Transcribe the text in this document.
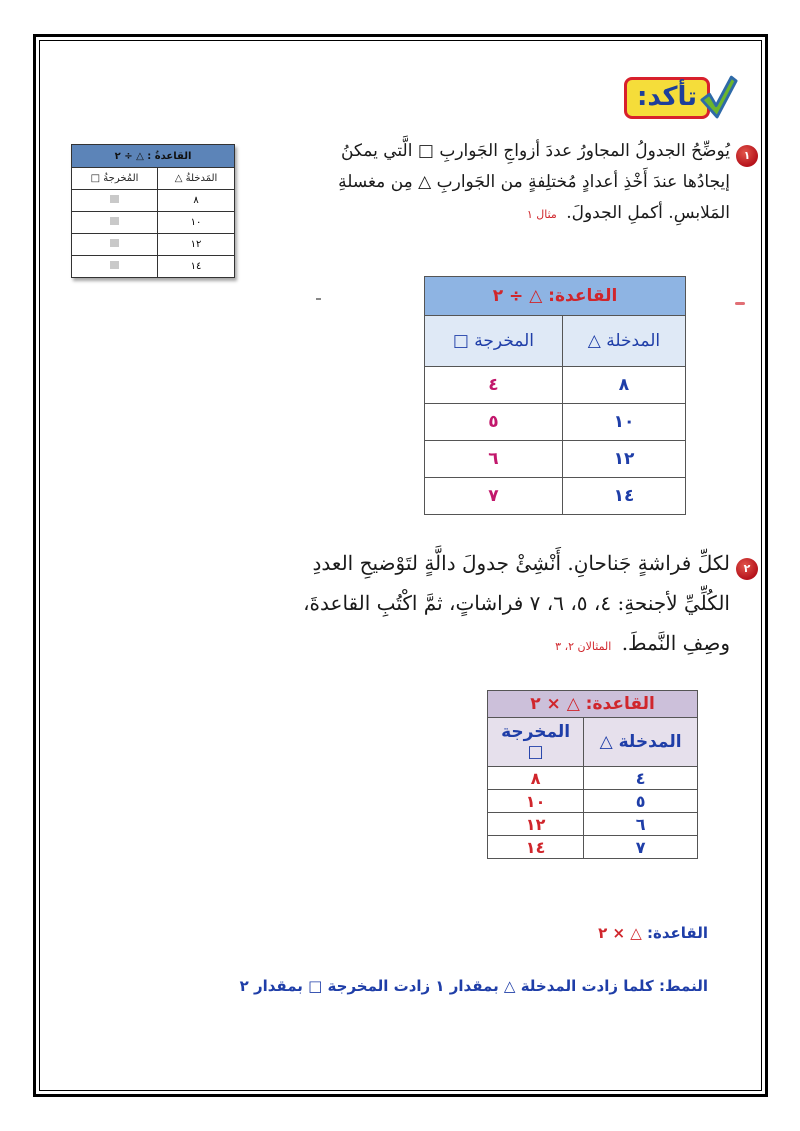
تأكد:
١
يُوضِّحُ الجدولُ المجاورُ عددَ أزواجِ الجَواربِ □ الَّتي يمكنُ إيجادُها عندَ أَخْذِ أعدادٍ مُختلِفةٍ من الجَواربِ △ مِن مغسلةِ المَلابسِ. أكملِ الجدولَ. مثال ١
القاعدةُ : △ ÷ ٢	
المَدخلةُ △	المُخرجةُ □
٨	
١٠	
١٢	
١٤	
القاعدة: △ ÷ ٢	
المدخلة △	المخرجة □
٨	٤
١٠	٥
١٢	٦
١٤	٧
٢
لكلِّ فراشةٍ جَناحانِ. أَنْشِئْ جدولَ دالَّةٍ لتَوْضيحِ العددِ الكُلِّيِّ لأجنحةِ: ٤، ٥، ٦، ٧ فراشاتٍ، ثمَّ اكْتُبِ القاعدةَ، وصِفِ النَّمطَ. المثالان ٢، ٣
القاعدة: △ × ٢	
المدخلة △	المخرجة
□
٤	٨
٥	١٠
٦	١٢
٧	١٤
القاعدة: △ × ٢
النمط: كلما زادت المدخلة △ بمقدار ١ زادت المخرجة □ بمقدار ٢
